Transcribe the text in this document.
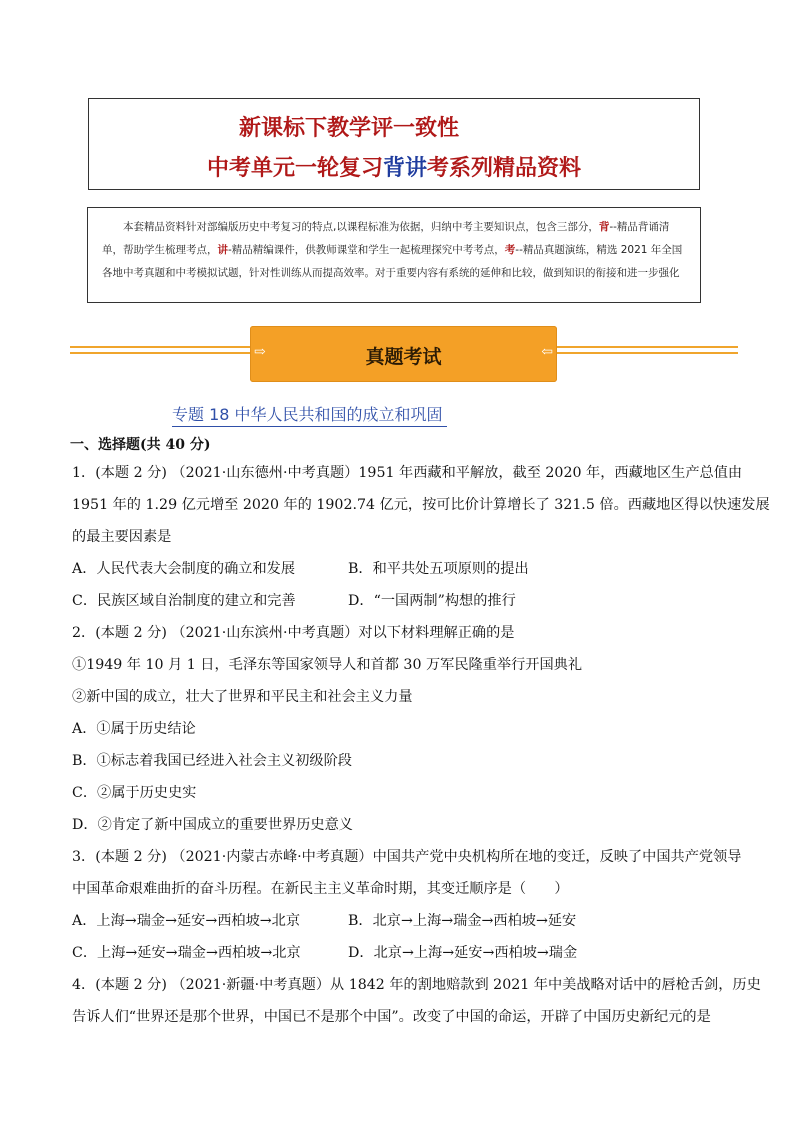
新课标下教学评一致性
中考单元一轮复习背讲考系列精品资料
本套精品资料针对部编版历史中考复习的特点,以课程标准为依据，归纳中考主要知识点，包含三部分，背--精品背诵清单，帮助学生梳理考点，讲-精品精编课件，供教师课堂和学生一起梳理探究中考考点，考--精品真题演练，精选 2021 年全国各地中考真题和中考模拟试题，针对性训练从而提高效率。对于重要内容有系统的延伸和比较，做到知识的衔接和进一步强化
⇨	真题考试	⇦
专题 18 中华人民共和国的成立和巩固
一、选择题(共 40 分)
1．(本题 2 分) （2021·山东德州·中考真题）1951 年西藏和平解放，截至 2020 年，西藏地区生产总值由
1951 年的 1.29 亿元增至 2020 年的 1902.74 亿元，按可比价计算增长了 321.5 倍。西藏地区得以快速发展
的最主要因素是
A．人民代表大会制度的确立和发展	B．和平共处五项原则的提出
C．民族区域自治制度的建立和完善	D．“一国两制”构想的推行
2．(本题 2 分) （2021·山东滨州·中考真题）对以下材料理解正确的是
①1949 年 10 月 1 日，毛泽东等国家领导人和首都 30 万军民隆重举行开国典礼
②新中国的成立，壮大了世界和平民主和社会主义力量
A．①属于历史结论
B．①标志着我国已经进入社会主义初级阶段
C．②属于历史史实
D．②肯定了新中国成立的重要世界历史意义
3．(本题 2 分) （2021·内蒙古赤峰·中考真题）中国共产党中央机构所在地的变迁，反映了中国共产党领导
中国革命艰难曲折的奋斗历程。在新民主主义革命时期，其变迁顺序是（　　）
A．上海→瑞金→延安→西柏坡→北京	B．北京→上海→瑞金→西柏坡→延安
C．上海→延安→瑞金→西柏坡→北京	D．北京→上海→延安→西柏坡→瑞金
4．(本题 2 分) （2021·新疆·中考真题）从 1842 年的割地赔款到 2021 年中美战略对话中的唇枪舌剑，历史
告诉人们“世界还是那个世界，中国已不是那个中国”。改变了中国的命运，开辟了中国历史新纪元的是
